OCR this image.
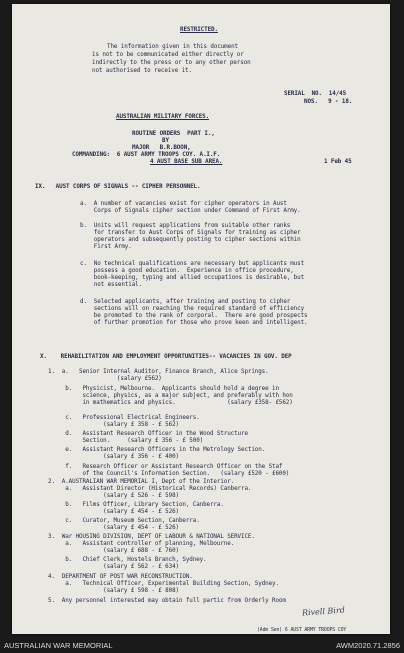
RESTRICTED.
The information given in this document
is not to be communicated either directly or
indirectly to the press or to any other person
not authorised to receive it.
SERIAL  NO.  14/45
NOS.   9 - 18.
AUSTRALIAN MILITARY FORCES.
ROUTINE ORDERS  PART I.,
BY
MAJOR   B.R.BOON,
COMMANDING:  6 AUST ARMY TROOPS COY. A.I.F.
4 AUST BASE SUB AREA.	1 Feb 45
IX.   AUST CORPS OF SIGNALS -- CIPHER PERSONNEL.
a.  A number of vacancies exist for cipher operators in Aust
Corps of Signals cipher section under Command of First Army.
b.  Units will request applications from suitable other ranks
for transfer to Aust Corps of Signals for training as cipher
operators and subsequently posting to cipher sections within
First Army.
c.  No technical qualifications are necessary but applicants must
possess a good education.  Experience in office procedure,
book-keeping, typing and allied occupations is desirable, but
not essential.
d.  Selected applicants, after training and posting to cipher
sections will on reaching the required standard of efficiency
be promoted to the rank of corporal.  There are good prospects
of further promotion for those who prove keen and intelligent.
X.    REHABILITATION AND EMPLOYMENT OPPORTUNITIES-- VACANCIES IN GOV. DEP
1.  a.   Senior Internal Auditor, Finance Branch, Alice Springs.
(salary £562)
b.   Physicist, Melbourne.  Applicants should hold a degree in
science, physics, as a major subject, and preferably with hon
in mathematics and physics.               (salary £358- £562)
c.   Professional Electrical Engineers.
(salary £ 358 - £ 562)
d.   Assistant Research Officer in the Wood Structure
Section.     (salary £ 356 - £ 500)
e.   Assistant Research Officers in the Metrology Section.
(salary £ 356 - £ 400)
f.   Research Officer or Assistant Research Officer on the Staf
of the Council's Information Section.   (salary £520 - £600)
2.  A.AUSTRALIAN WAR MEMORIAL I, Dept of the Interior.
a.   Assistant Director (Historical Records) Canberra.
(salary £ 526 - £ 598)
b.   Films Officer, Library Section, Canberra.
(salary £ 454 - £ 526)
c.   Curator, Museum Section, Canberra.
(salary £ 454 - £ 526)
3.  War HOUSING DIVISION, DEPT OF LABOUR & NATIONAL SERVICE.
a.   Assistant controller of planning, Melbourne.
(salary £ 688 - £ 760)
b.   Chief Clerk, Hostels Branch, Sydney.
(salary £ 562 - £ 634)
4.  DEPARTMENT OF POST WAR RECONSTRUCTION.
a.   Technical Officer, Experimental Building Section, Sydney.
(salary £ 598 - £ 808)
5.  Any personnel interested may obtain full partic from Orderly Room
Rivell Bird
(Adm Sen) 6 AUST ARMY TROOPS COY
AUSTRALIAN WAR MEMORIAL	AWM2020.71.2856
